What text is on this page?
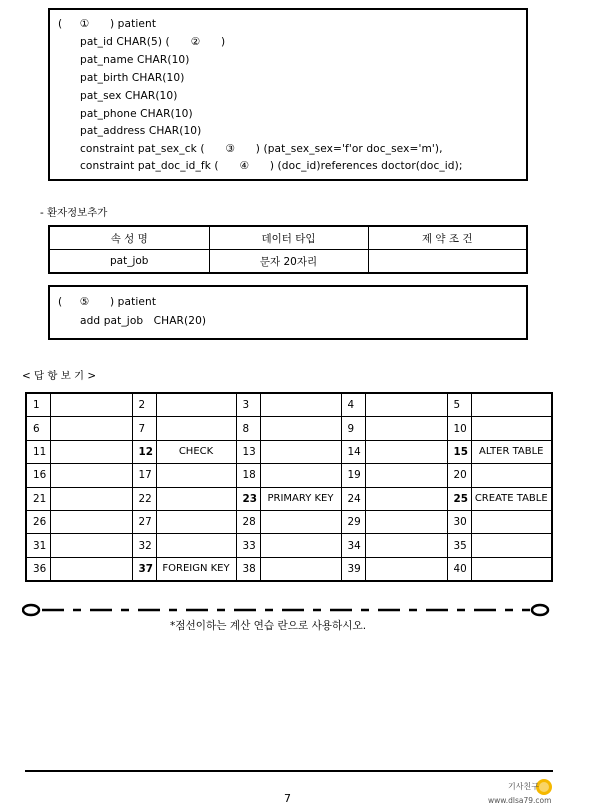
(     ①      ) patient
pat_id CHAR(5) (      ②      )
pat_name CHAR(10)
pat_birth CHAR(10)
pat_sex CHAR(10)
pat_phone CHAR(10)
pat_address CHAR(10)
constraint pat_sex_ck (      ③      ) (pat_sex_sex='f'or doc_sex='m'),
constraint pat_doc_id_fk (      ④      ) (doc_id)references doctor(doc_id);
- 환자정보추가
속 성 명	데이터 타입	제 약 조 건
pat_job	문자 20자리	
(     ⑤      ) patient
add pat_job   CHAR(20)
< 답 항 보 기 >
1		2		3		4		5	
6		7		8		9		10	
11		12	CHECK	13		14		15	ALTER TABLE
16		17		18		19		20	
21		22		23	PRIMARY KEY	24		25	CREATE TABLE
26		27		28		29		30	
31		32		33		34		35	
36		37	FOREIGN KEY	38		39		40	
*점선이하는 계산 연습 란으로 사용하시오.
7
기사친구
www.dlsa79.com
